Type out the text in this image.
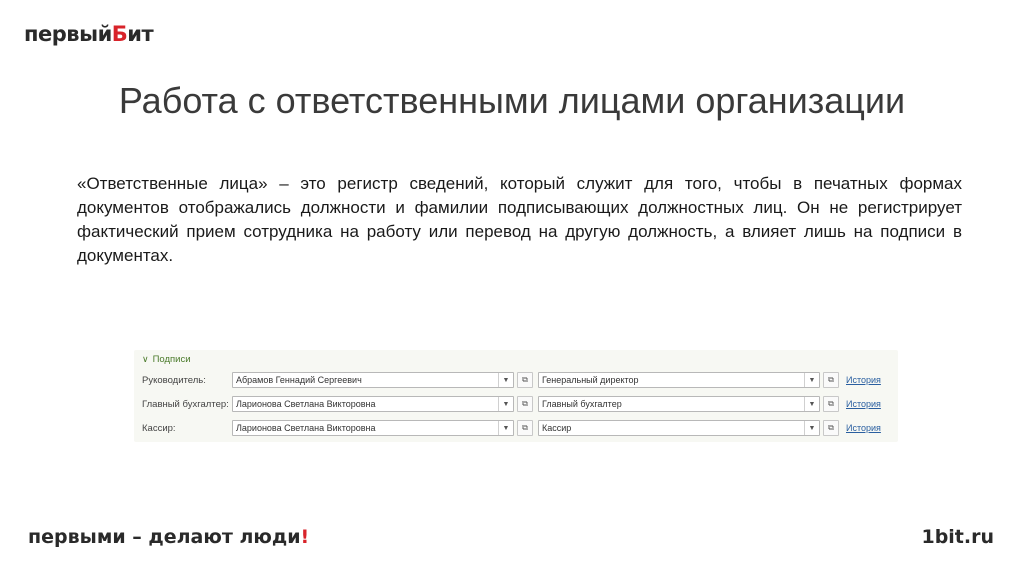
первый Б ит
Работа с ответственными лицами организации

«Ответственные лица» – это регистр сведений, который служит для того, чтобы в печатных формах документов отображались должности и фамилии подписывающих должностных лиц. Он не регистрирует фактический прием сотрудника на работу или перевод на другую должность, а влияет лишь на подписи в документах.

∨ Подписи
Руководитель:	Абрамов Геннадий Сергеевич	▼	⧉	Генеральный директор	▼	⧉	История
Главный бухгалтер: Ларионова Светлана Викторовна	▼	⧉	Главный бухгалтер	▼	⧉	История
Кассир:	Ларионова Светлана Викторовна	▼	⧉	Кассир	▼	⧉	История
первыми – делают люди!	1bit.ru
